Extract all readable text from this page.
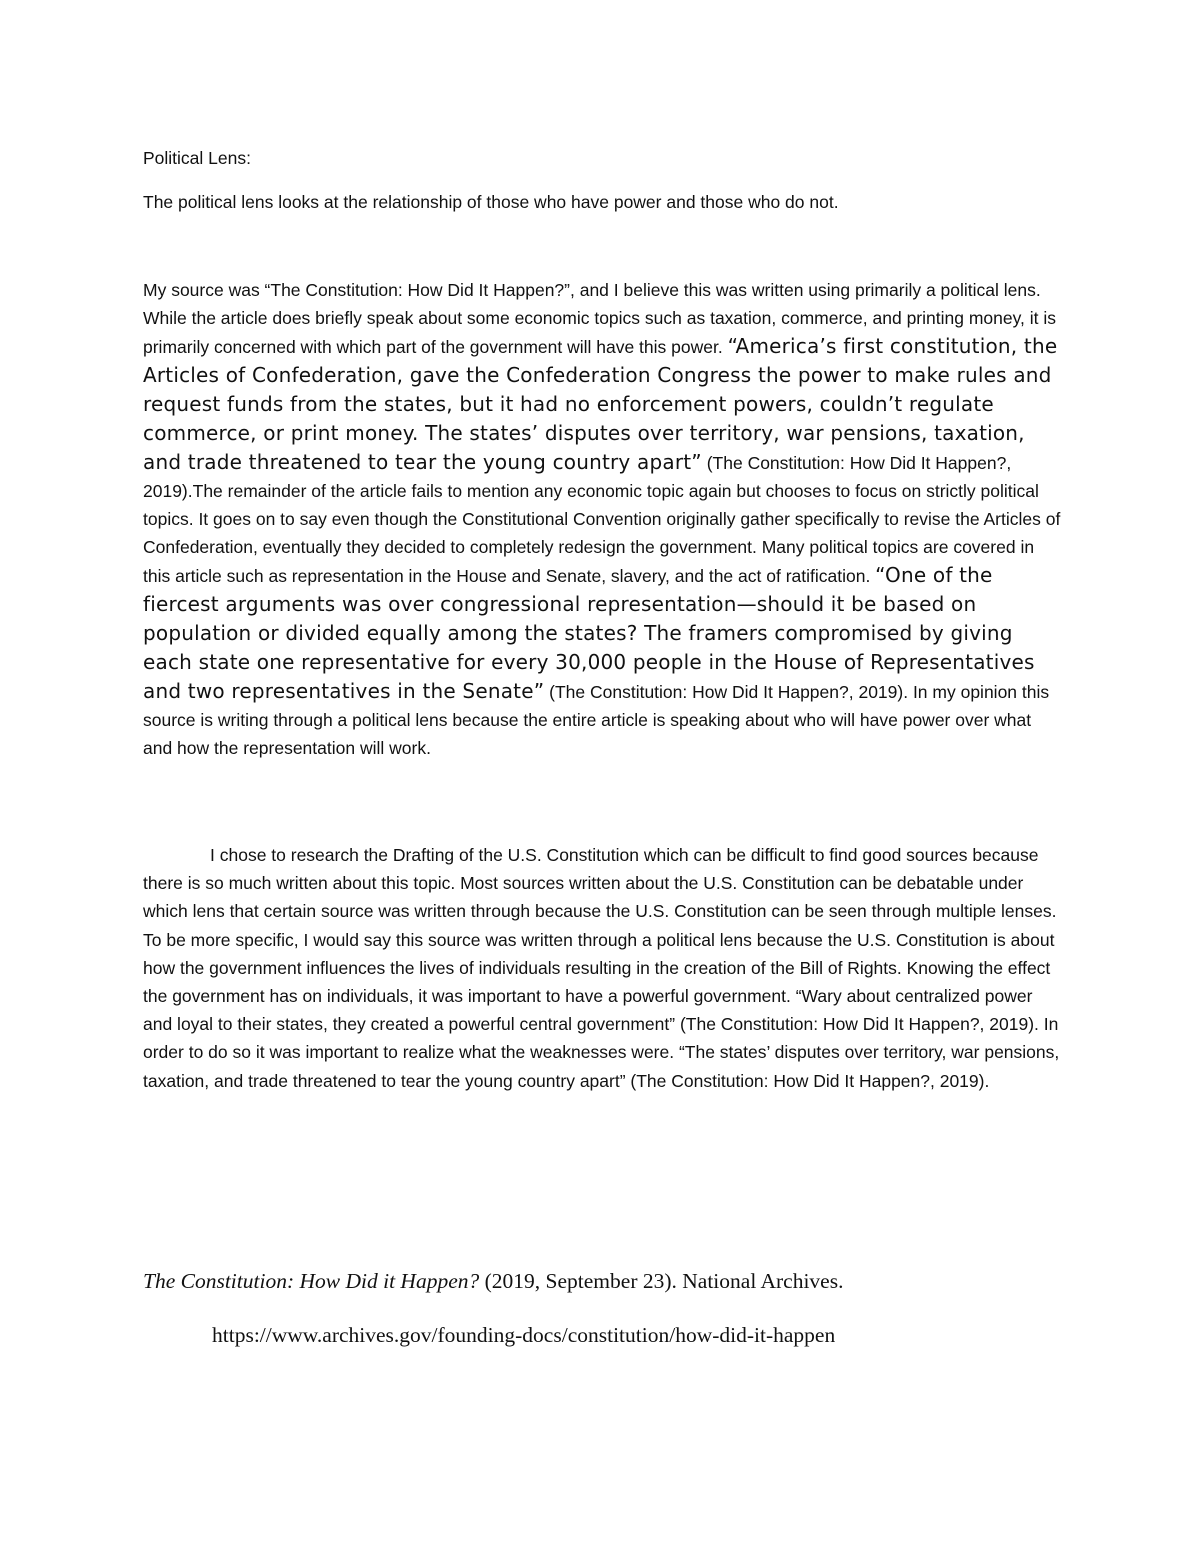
Political Lens:

The political lens looks at the relationship of those who have power and those who do not.

My source was “The Constitution: How Did It Happen?”, and I believe this was written using primarily a political lens. While the article does briefly speak about some economic topics such as taxation, commerce, and printing money, it is primarily concerned with which part of the government will have this power. “America’s first constitution, the Articles of Confederation, gave the Confederation Congress the power to make rules and request funds from the states, but it had no enforcement powers, couldn’t regulate commerce, or print money. The states’ disputes over territory, war pensions, taxation, and trade threatened to tear the young country apart” (The Constitution: How Did It Happen?, 2019).The remainder of the article fails to mention any economic topic again but chooses to focus on strictly political topics. It goes on to say even though the Constitutional Convention originally gather specifically to revise the Articles of Confederation, eventually they decided to completely redesign the government. Many political topics are covered in this article such as representation in the House and Senate, slavery, and the act of ratification. “One of the fiercest arguments was over congressional representation—should it be based on population or divided equally among the states? The framers compromised by giving each state one representative for every 30,000 people in the House of Representatives and two representatives in the Senate” (The Constitution: How Did It Happen?, 2019). In my opinion this source is writing through a political lens because the entire article is speaking about who will have power over what and how the representation will work.

I chose to research the Drafting of the U.S. Constitution which can be difficult to find good sources because there is so much written about this topic. Most sources written about the U.S. Constitution can be debatable under which lens that certain source was written through because the U.S. Constitution can be seen through multiple lenses. To be more specific, I would say this source was written through a political lens because the U.S. Constitution is about how the government influences the lives of individuals resulting in the creation of the Bill of Rights. Knowing the effect the government has on individuals, it was important to have a powerful government. “Wary about centralized power and loyal to their states, they created a powerful central government” (The Constitution: How Did It Happen?, 2019). In order to do so it was important to realize what the weaknesses were. “The states’ disputes over territory, war pensions, taxation, and trade threatened to tear the young country apart” (The Constitution: How Did It Happen?, 2019).

The Constitution: How Did it Happen? (2019, September 23). National Archives.

https://www.archives.gov/founding-docs/constitution/how-did-it-happen
